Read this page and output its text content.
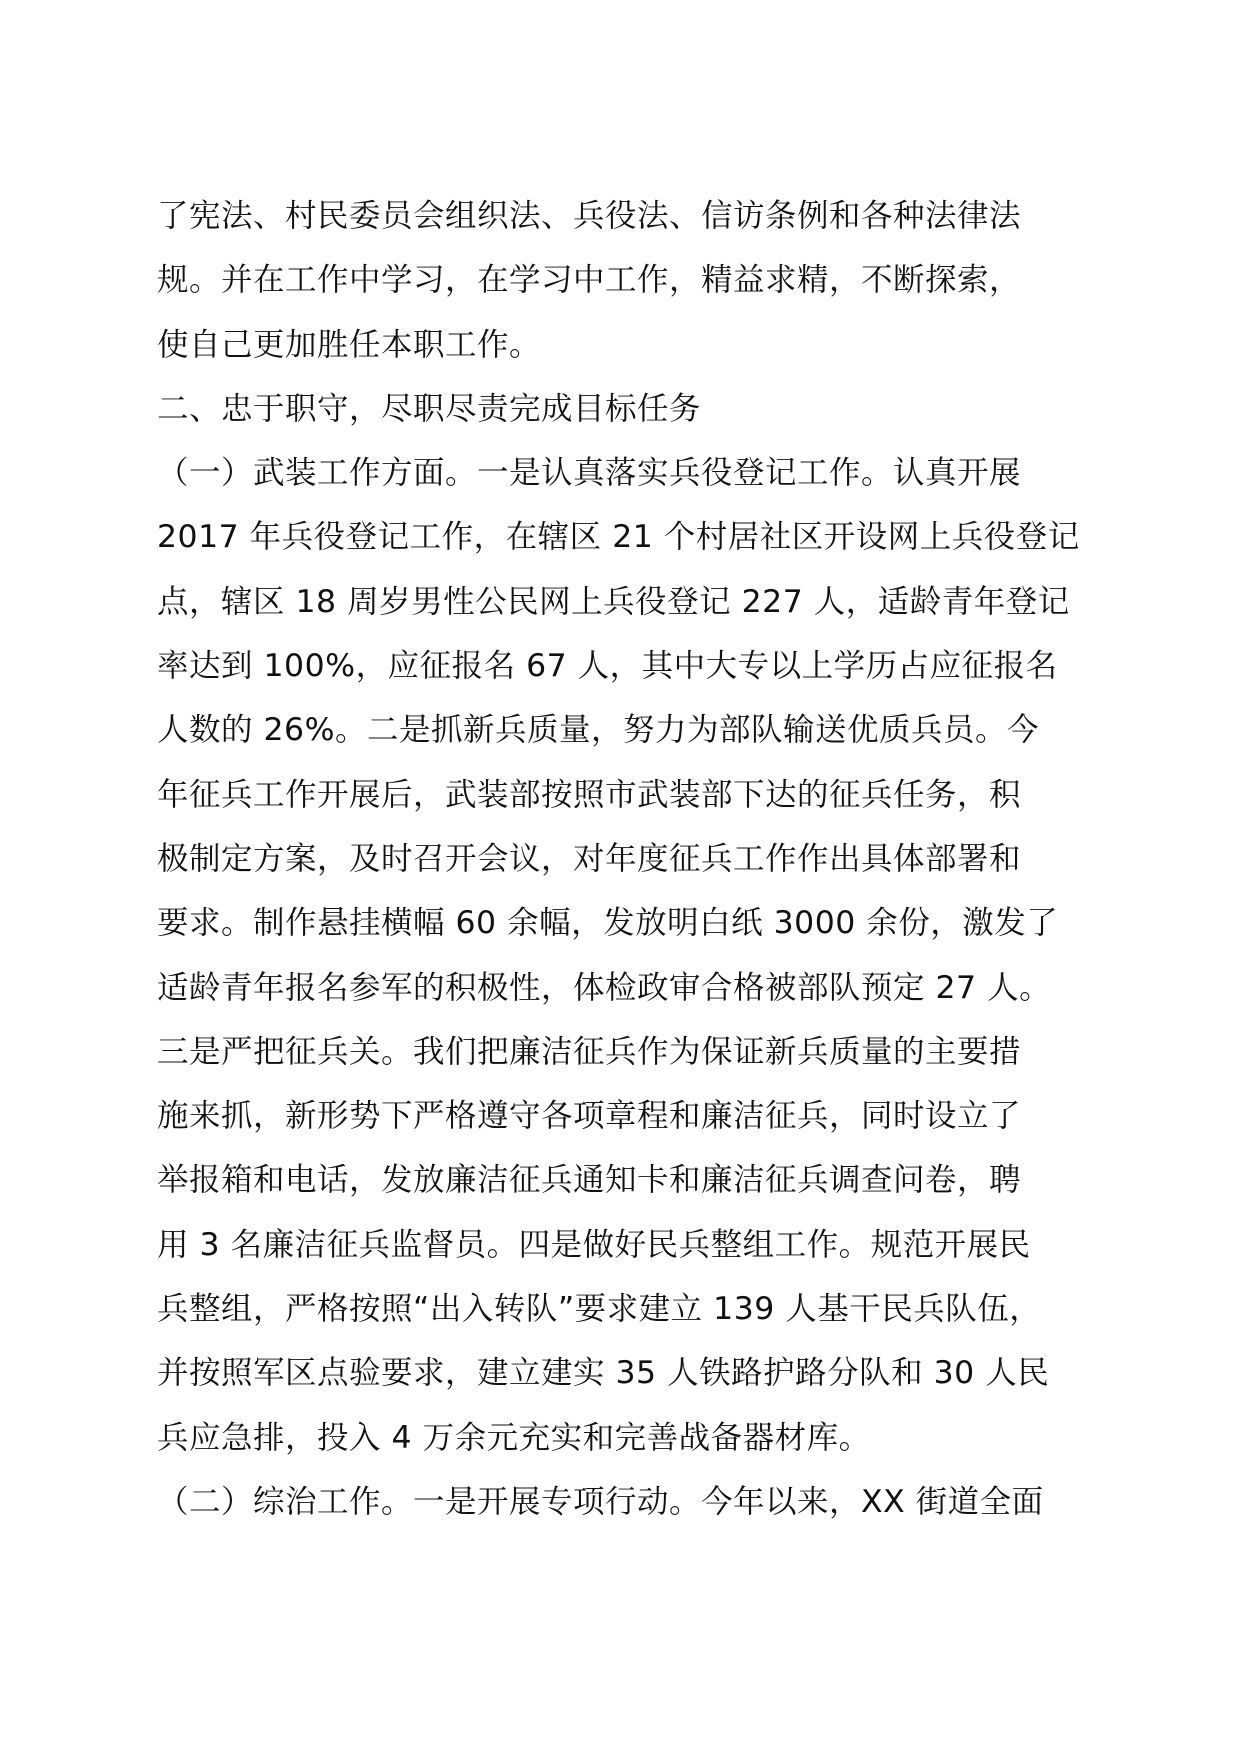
了宪法、村民委员会组织法、兵役法、信访条例和各种法律法
规。并在工作中学习，在学习中工作，精益求精，不断探索，
使自己更加胜任本职工作。
二、忠于职守，尽职尽责完成目标任务
（一）武装工作方面。一是认真落实兵役登记工作。认真开展
2017 年兵役登记工作，在辖区 21 个村居社区开设网上兵役登记
点，辖区 18 周岁男性公民网上兵役登记 227 人，适龄青年登记
率达到 100%，应征报名 67 人，其中大专以上学历占应征报名
人数的 26%。二是抓新兵质量，努力为部队输送优质兵员。今
年征兵工作开展后，武装部按照市武装部下达的征兵任务，积
极制定方案，及时召开会议，对年度征兵工作作出具体部署和
要求。制作悬挂横幅 60 余幅，发放明白纸 3000 余份，激发了
适龄青年报名参军的积极性，体检政审合格被部队预定 27 人。
三是严把征兵关。我们把廉洁征兵作为保证新兵质量的主要措
施来抓，新形势下严格遵守各项章程和廉洁征兵，同时设立了
举报箱和电话，发放廉洁征兵通知卡和廉洁征兵调查问卷，聘
用 3 名廉洁征兵监督员。四是做好民兵整组工作。规范开展民
兵整组，严格按照“出入转队”要求建立 139 人基干民兵队伍，
并按照军区点验要求，建立建实 35 人铁路护路分队和 30 人民
兵应急排，投入 4 万余元充实和完善战备器材库。
（二）综治工作。一是开展专项行动。今年以来，XX 街道全面
